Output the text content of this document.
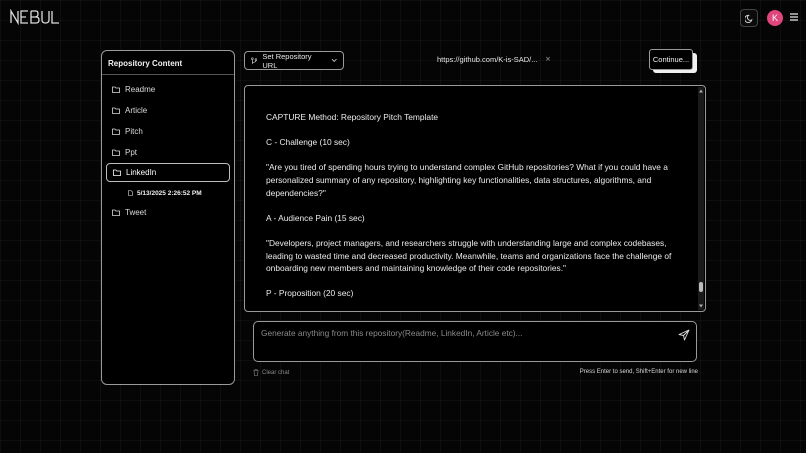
K
Repository Content
Readme
Article
Pitch
Ppt
LinkedIn
5/13/2025 2:26:52 PM
Tweet
Set Repository URL
https://github.com/K-is-SAD/... ×	Continue...

CAPTURE Method: Repository Pitch Template

C - Challenge (10 sec)

"Are you tired of spending hours trying to understand complex GitHub repositories? What if you could have a personalized summary of any repository, highlighting key functionalities, data structures, algorithms, and dependencies?"

A - Audience Pain (15 sec)

"Developers, project managers, and researchers struggle with understanding large and complex codebases, leading to wasted time and decreased productivity. Meanwhile, teams and organizations face the challenge of onboarding new members and maintaining knowledge of their code repositories."

P - Proposition (20 sec)

Generate anything from this repository(Readme, LinkedIn, Article etc)...
Clear chat	Press Enter to send, Shift+Enter for new line
